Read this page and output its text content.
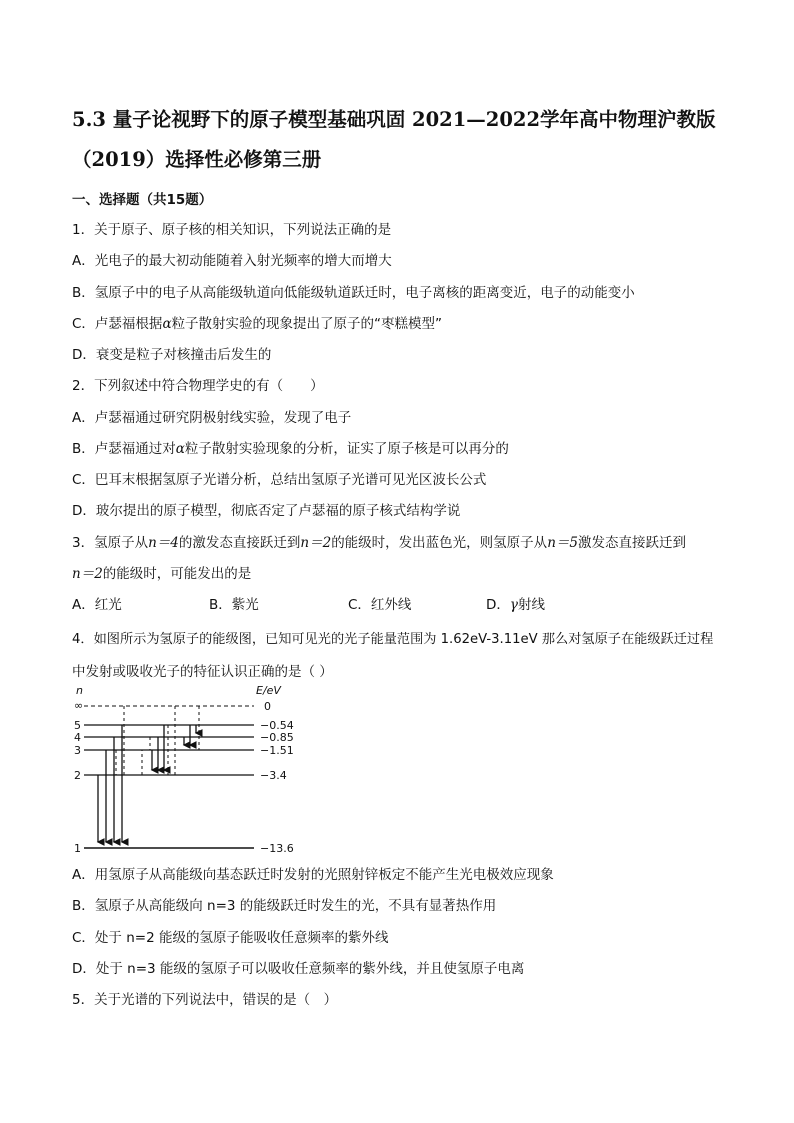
5.3 量子论视野下的原子模型基础巩固 2021—2022学年高中物理沪教版（2019）选择性必修第三册
一、选择题（共15题）
1．关于原子、原子核的相关知识，下列说法正确的是
A．光电子的最大初动能随着入射光频率的增大而增大
B．氢原子中的电子从高能级轨道向低能级轨道跃迁时，电子离核的距离变近，电子的动能变小
C．卢瑟福根据α粒子散射实验的现象提出了原子的“枣糕模型”
D．衰变是粒子对核撞击后发生的
2．下列叙述中符合物理学史的有（　　）
A．卢瑟福通过研究阴极射线实验，发现了电子
B．卢瑟福通过对α粒子散射实验现象的分析，证实了原子核是可以再分的
C．巴耳末根据氢原子光谱分析，总结出氢原子光谱可见光区波长公式
D．玻尔提出的原子模型，彻底否定了卢瑟福的原子核式结构学说
3．氢原子从n＝4的激发态直接跃迁到n＝2的能级时，发出蓝色光，则氢原子从n＝5激发态直接跃迁到
n＝2的能级时，可能发出的是
A．红光	B．紫光	C．红外线	D．γ射线
4．如图所示为氢原子的能级图，已知可见光的光子能量范围为 1.62eV-3.11eV 那么对氢原子在能级跃迁过程
中发射或吸收光子的特征认识正确的是（ ）
n	E/eV
∞
5
4
3
2
1
0
−0.54
−0.85
−1.51
−3.4
−13.6
A．用氢原子从高能级向基态跃迁时发射的光照射锌板定不能产生光电极效应现象
B．氢原子从高能级向 n=3 的能级跃迁时发生的光，不具有显著热作用
C．处于 n=2 能级的氢原子能吸收任意频率的紫外线
D．处于 n=3 能级的氢原子可以吸收任意频率的紫外线，并且使氢原子电离
5．关于光谱的下列说法中，错误的是（　）
